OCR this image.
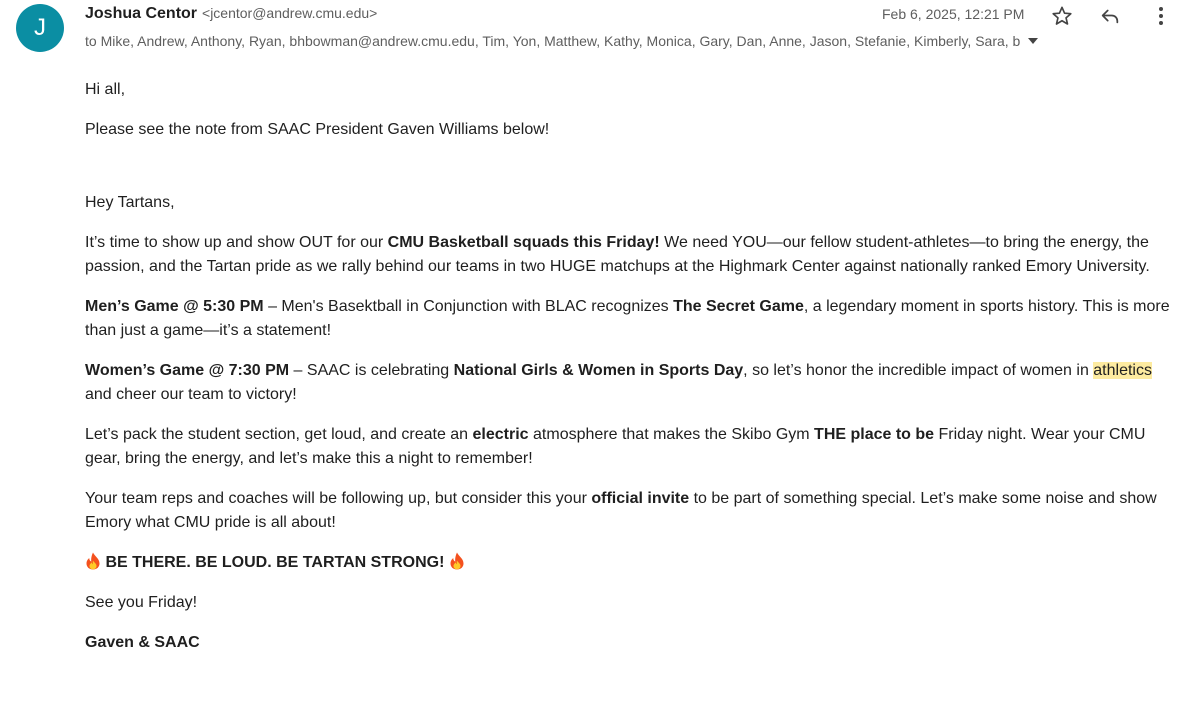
J
Joshua Centor <jcentor@andrew.cmu.edu>
to Mike, Andrew, Anthony, Ryan, bhbowman@andrew.cmu.edu, Tim, Yon, Matthew, Kathy, Monica, Gary, Dan, Anne, Jason, Stefanie, Kimberly, Sara, b
Feb 6, 2025, 12:21 PM

Hi all,

Please see the note from SAAC President Gaven Williams below!

Hey Tartans,

It’s time to show up and show OUT for our CMU Basketball squads this Friday! We need YOU—our fellow student-athletes—to bring the energy, the passion, and the Tartan pride as we rally behind our teams in two HUGE matchups at the Highmark Center against nationally ranked Emory University.

Men’s Game @ 5:30 PM – Men's Basektball in Conjunction with BLAC recognizes The Secret Game, a legendary moment in sports history. This is more than just a game—it’s a statement!

Women’s Game @ 7:30 PM – SAAC is celebrating National Girls & Women in Sports Day, so let’s honor the incredible impact of women in athletics and cheer our team to victory!

Let’s pack the student section, get loud, and create an electric atmosphere that makes the Skibo Gym THE place to be Friday night. Wear your CMU gear, bring the energy, and let’s make this a night to remember!

Your team reps and coaches will be following up, but consider this your official invite to be part of something special. Let’s make some noise and show Emory what CMU pride is all about!

BE THERE. BE LOUD. BE TARTAN STRONG!

See you Friday!

Gaven & SAAC
